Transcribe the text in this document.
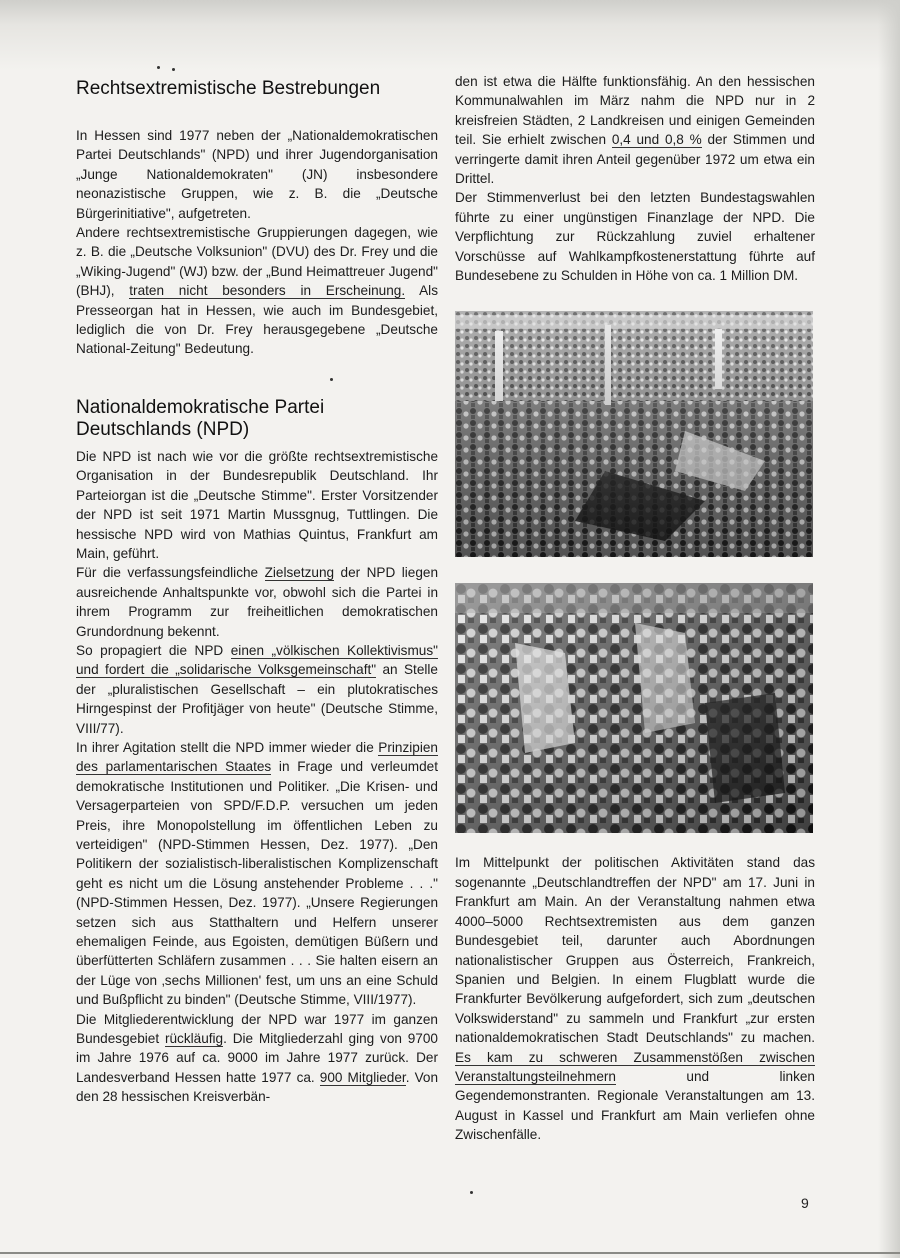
Rechtsextremistische Bestrebungen

In Hessen sind 1977 neben der „Nationaldemokratischen Partei Deutschlands" (NPD) und ihrer Jugendorganisation „Junge Nationaldemokraten" (JN) insbesondere neonazistische Gruppen, wie z. B. die „Deutsche Bürgerinitiative", aufgetreten.

Andere rechtsextremistische Gruppierungen dagegen, wie z. B. die „Deutsche Volksunion" (DVU) des Dr. Frey und die „Wiking-Jugend" (WJ) bzw. der „Bund Heimattreuer Jugend" (BHJ), traten nicht besonders in Erscheinung. Als Presseorgan hat in Hessen, wie auch im Bundesgebiet, lediglich die von Dr. Frey herausgegebene „Deutsche National-Zeitung" Bedeutung.

Nationaldemokratische Partei Deutschlands (NPD)

Die NPD ist nach wie vor die größte rechtsextremistische Organisation in der Bundesrepublik Deutschland. Ihr Parteiorgan ist die „Deutsche Stimme". Erster Vorsitzender der NPD ist seit 1971 Martin Mussgnug, Tuttlingen. Die hessische NPD wird von Mathias Quintus, Frankfurt am Main, geführt.

Für die verfassungsfeindliche Zielsetzung der NPD liegen ausreichende Anhaltspunkte vor, obwohl sich die Partei in ihrem Programm zur freiheitlichen demokratischen Grundordnung bekennt.

So propagiert die NPD einen „völkischen Kollektivismus" und fordert die „solidarische Volksgemeinschaft" an Stelle der „pluralistischen Gesellschaft – ein plutokratisches Hirngespinst der Profitjäger von heute" (Deutsche Stimme, VIII/77).

In ihrer Agitation stellt die NPD immer wieder die Prinzipien des parlamentarischen Staates in Frage und verleumdet demokratische Institutionen und Politiker. „Die Krisen- und Versagerparteien von SPD/F.D.P. versuchen um jeden Preis, ihre Monopolstellung im öffentlichen Leben zu verteidigen" (NPD-Stimmen Hessen, Dez. 1977). „Den Politikern der sozialistisch-liberalistischen Komplizenschaft geht es nicht um die Lösung anstehender Probleme . . ." (NPD-Stimmen Hessen, Dez. 1977). „Unsere Regierungen setzen sich aus Statthaltern und Helfern unserer ehemaligen Feinde, aus Egoisten, demütigen Büßern und überfütterten Schläfern zusammen . . . Sie halten eisern an der Lüge von ‚sechs Millionen' fest, um uns an eine Schuld und Bußpflicht zu binden" (Deutsche Stimme, VIII/1977).

Die Mitgliederentwicklung der NPD war 1977 im ganzen Bundesgebiet rückläufig. Die Mitgliederzahl ging von 9700 im Jahre 1976 auf ca. 9000 im Jahre 1977 zurück. Der Landesverband Hessen hatte 1977 ca. 900 Mitglieder. Von den 28 hessischen Kreisverbän-

den ist etwa die Hälfte funktionsfähig. An den hessischen Kommunalwahlen im März nahm die NPD nur in 2 kreisfreien Städten, 2 Landkreisen und einigen Gemeinden teil. Sie erhielt zwischen 0,4 und 0,8 % der Stimmen und verringerte damit ihren Anteil gegenüber 1972 um etwa ein Drittel.

Der Stimmenverlust bei den letzten Bundestagswahlen führte zu einer ungünstigen Finanzlage der NPD. Die Verpflichtung zur Rückzahlung zuviel erhaltener Vorschüsse auf Wahlkampfkostenerstattung führte auf Bundesebene zu Schulden in Höhe von ca. 1 Million DM.

Im Mittelpunkt der politischen Aktivitäten stand das sogenannte „Deutschlandtreffen der NPD" am 17. Juni in Frankfurt am Main. An der Veranstaltung nahmen etwa 4000–5000 Rechtsextremisten aus dem ganzen Bundesgebiet teil, darunter auch Abordnungen nationalistischer Gruppen aus Österreich, Frankreich, Spanien und Belgien. In einem Flugblatt wurde die Frankfurter Bevölkerung aufgefordert, sich zum „deutschen Volkswiderstand" zu sammeln und Frankfurt „zur ersten nationaldemokratischen Stadt Deutschlands" zu machen. Es kam zu schweren Zusammenstößen zwischen Veranstaltungsteilnehmern und linken Gegendemonstranten. Regionale Veranstaltungen am 13. August in Kassel und Frankfurt am Main verliefen ohne Zwischenfälle.

9
